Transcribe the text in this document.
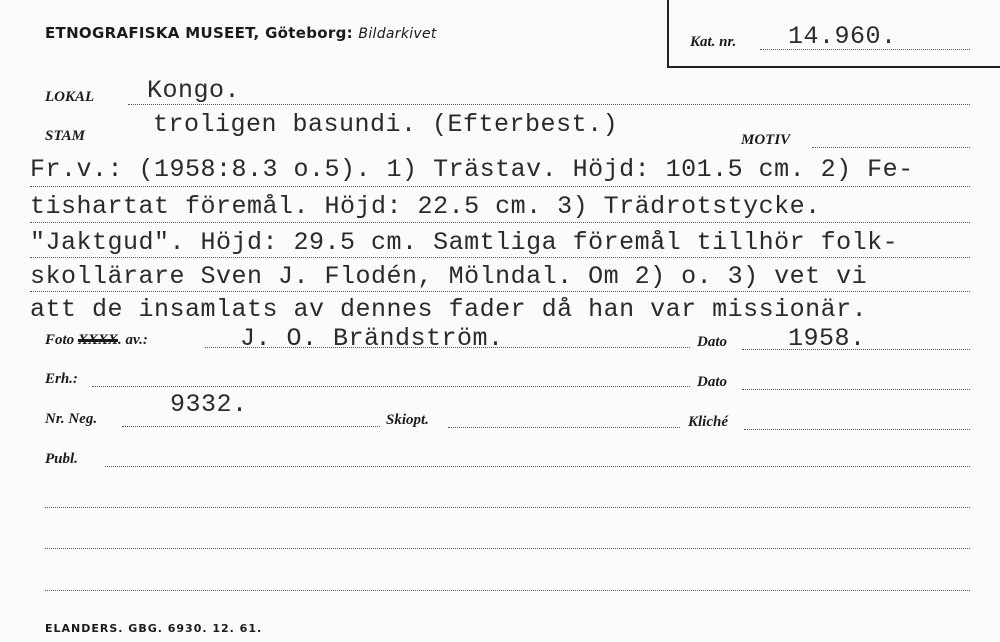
ETNOGRAFISKA MUSEET, Göteborg: Bildarkivet	Kat. nr. 14.960.
LOKAL Kongo.
STAM	troligen basundi. (Efterbest.)
MOTIV
Fr.v.: (1958:8.3 o.5). 1) Trästav. Höjd: 101.5 cm. 2) Fe-
tishartat föremål. Höjd: 22.5 cm. 3) Trädrotstycke.
"Jaktgud". Höjd: 29.5 cm. Samtliga föremål tillhör folk-
skollärare Sven J. Flodén, Mölndal. Om 2) o. 3) vet vi
att de insamlats av dennes fader då han var missionär.
Foto XXXX. av.:	J. O. Brändström.	Dato 1958.
Erh.:	Dato
Nr. Neg.	9332.
Skiopt.	Kliché
Publ.
ELANDERS. GBG. 6930. 12. 61.
